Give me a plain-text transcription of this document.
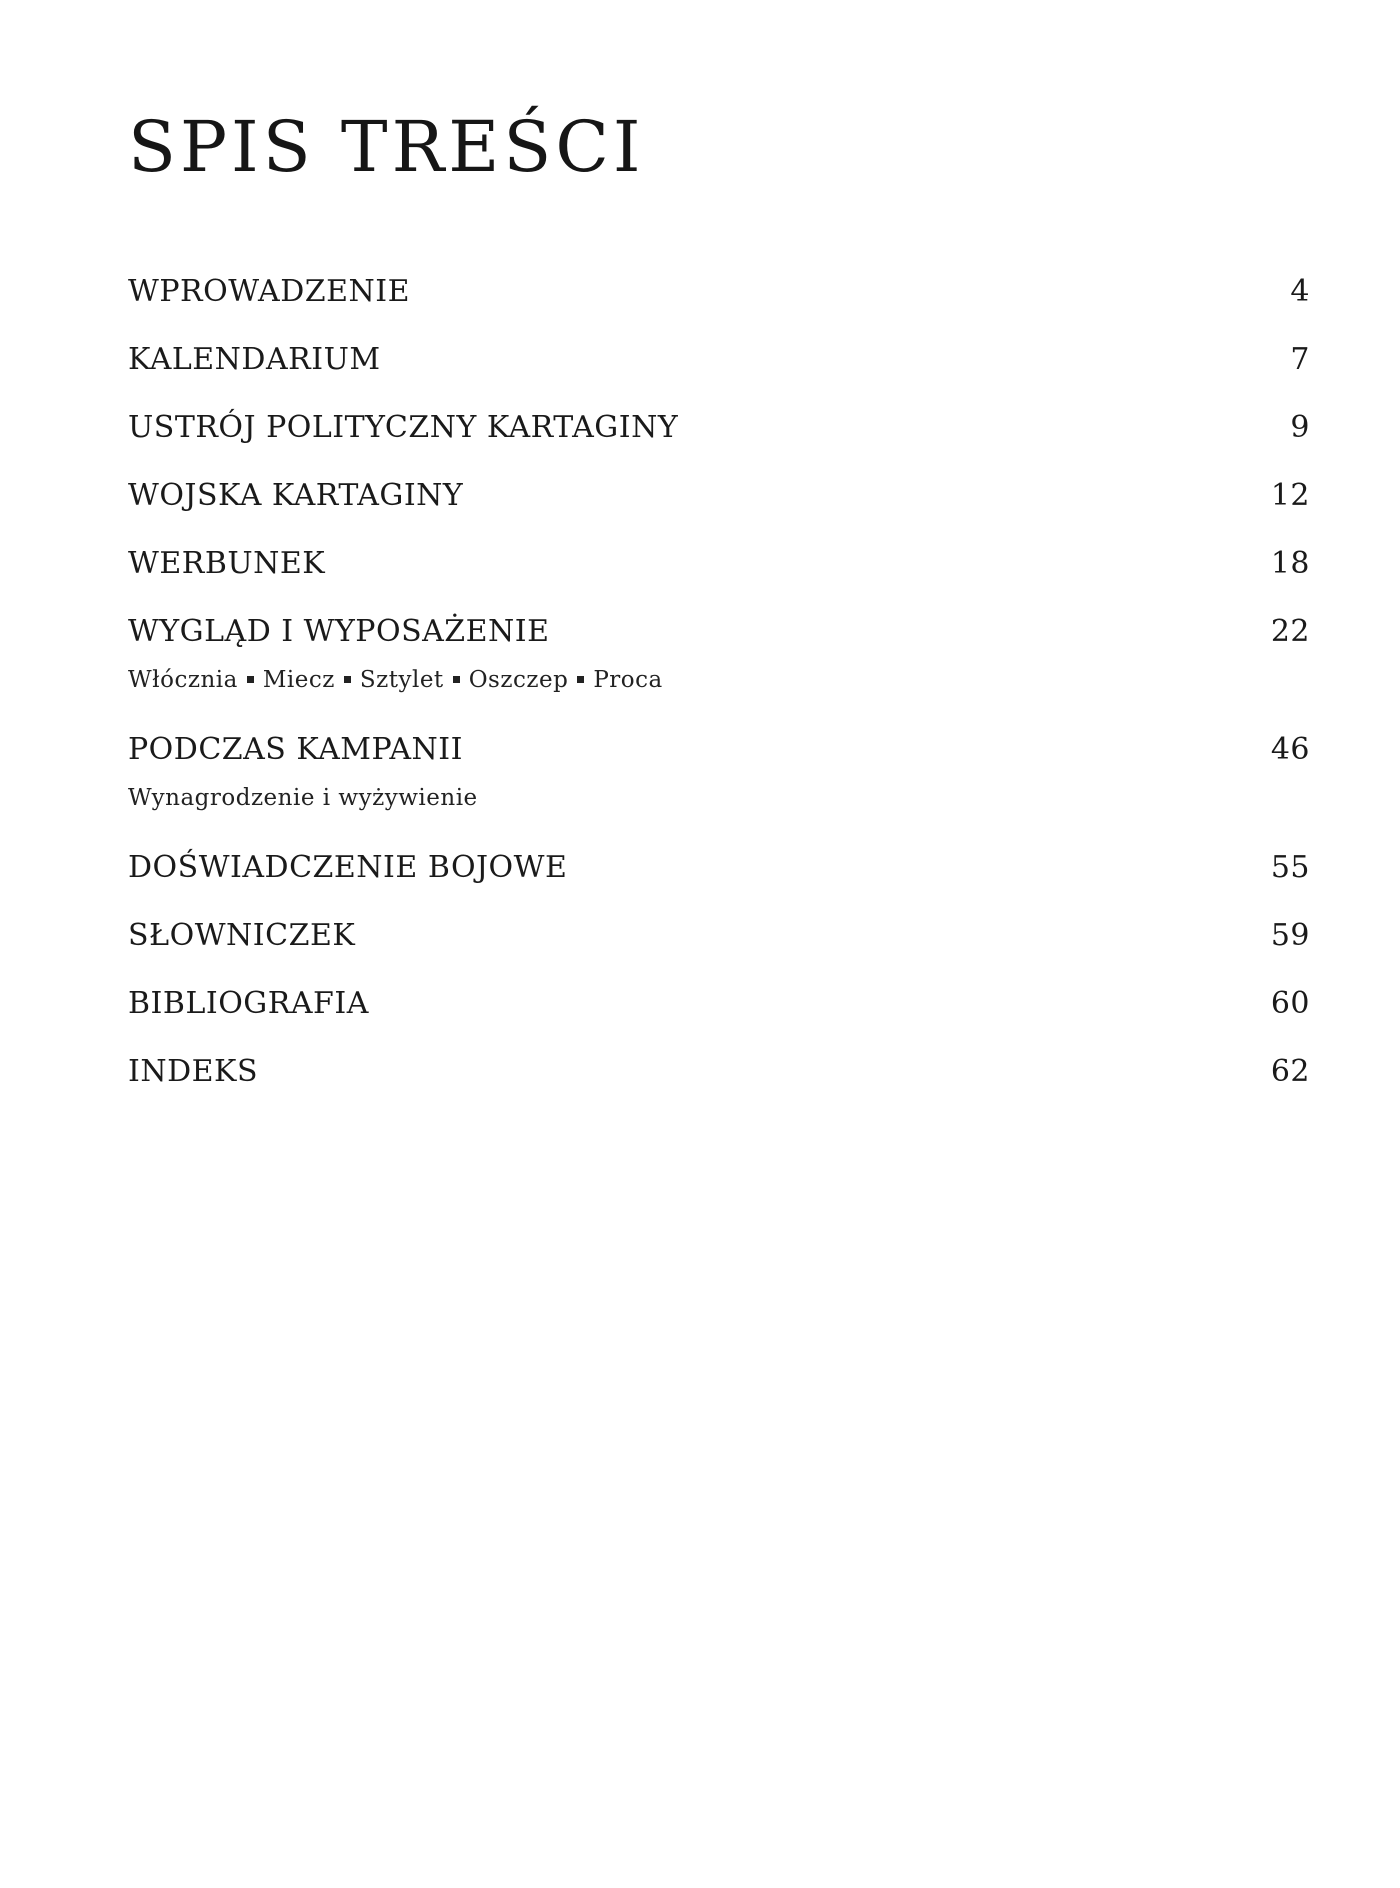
SPIS TREŚCI
WPROWADZENIE	4
KALENDARIUM	7
USTRÓJ POLITYCZNY KARTAGINY	9
WOJSKA KARTAGINY	12
WERBUNEK	18
WYGLĄD I WYPOSAŻENIE	22
Włócznia Miecz Sztylet Oszczep Proca
PODCZAS KAMPANII	46
Wynagrodzenie i wyżywienie
DOŚWIADCZENIE BOJOWE	55
SŁOWNICZEK	59
BIBLIOGRAFIA	60
INDEKS	62
